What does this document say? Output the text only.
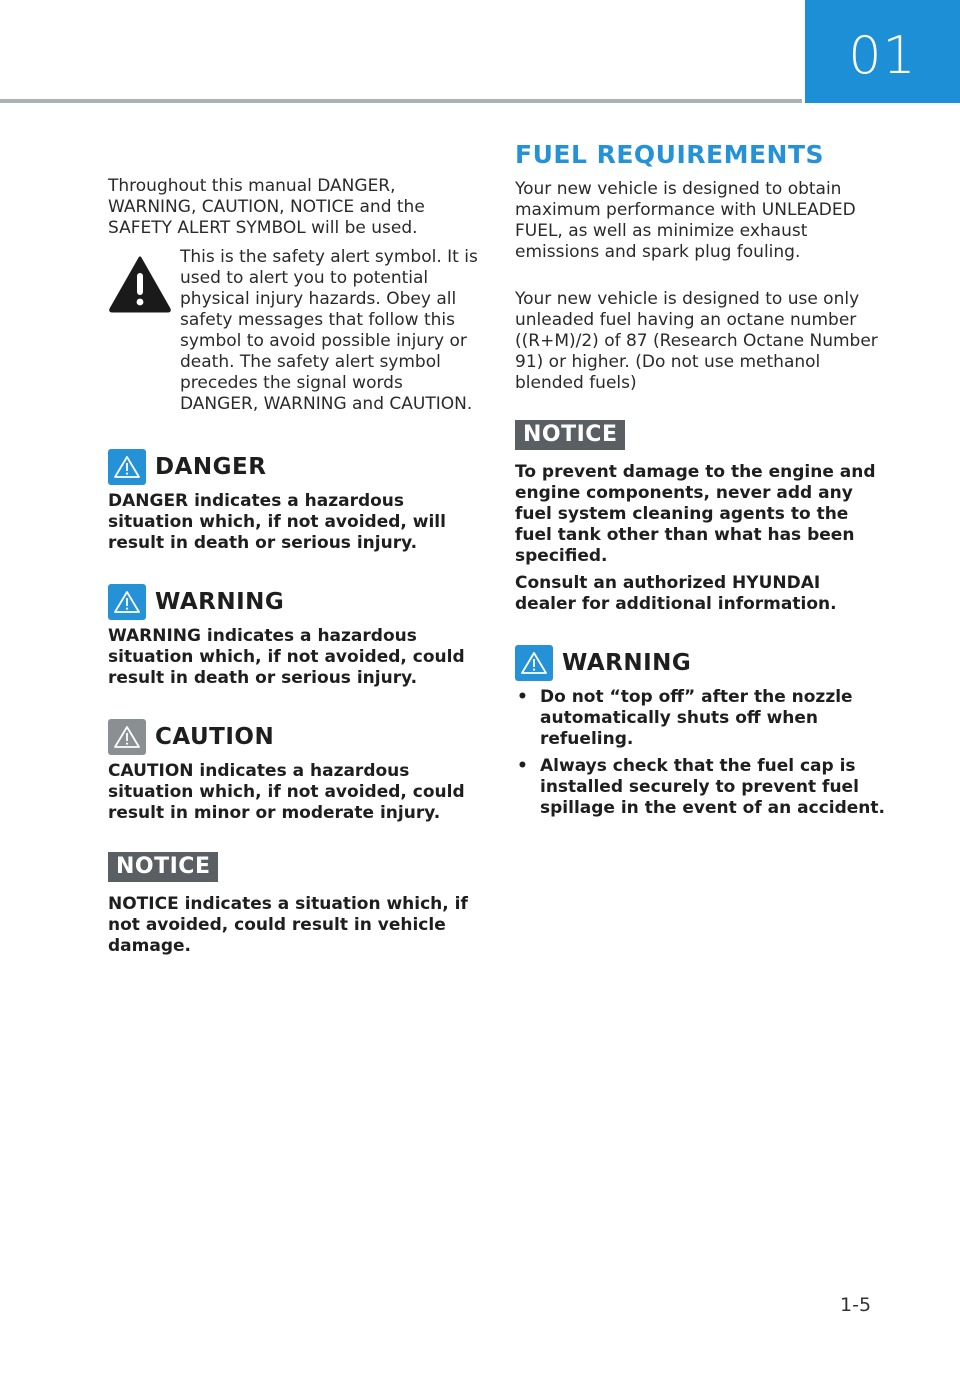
01

Throughout this manual DANGER, WARNING, CAUTION, NOTICE and the SAFETY ALERT SYMBOL will be used.

This is the safety alert symbol. It is used to alert you to potential physical injury hazards. Obey all safety messages that follow this symbol to avoid possible injury or death. The safety alert symbol precedes the signal words DANGER, WARNING and CAUTION.

DANGER

DANGER indicates a hazardous situation which, if not avoided, will result in death or serious injury.

WARNING

WARNING indicates a hazardous situation which, if not avoided, could result in death or serious injury.

CAUTION

CAUTION indicates a hazardous situation which, if not avoided, could result in minor or moderate injury.

NOTICE

NOTICE indicates a situation which, if not avoided, could result in vehicle damage.

FUEL REQUIREMENTS

Your new vehicle is designed to obtain maximum performance with UNLEADED FUEL, as well as minimize exhaust emissions and spark plug fouling.

Your new vehicle is designed to use only unleaded fuel having an octane number ((R+M)/2) of 87 (Research Octane Number 91) or higher. (Do not use methanol blended fuels)

NOTICE

To prevent damage to the engine and engine components, never add any fuel system cleaning agents to the fuel tank other than what has been specified.

Consult an authorized HYUNDAI dealer for additional information.

WARNING
• Do not “top off” after the nozzle automatically shuts off when refueling.
• Always check that the fuel cap is installed securely to prevent fuel spillage in the event of an accident.
1-5
